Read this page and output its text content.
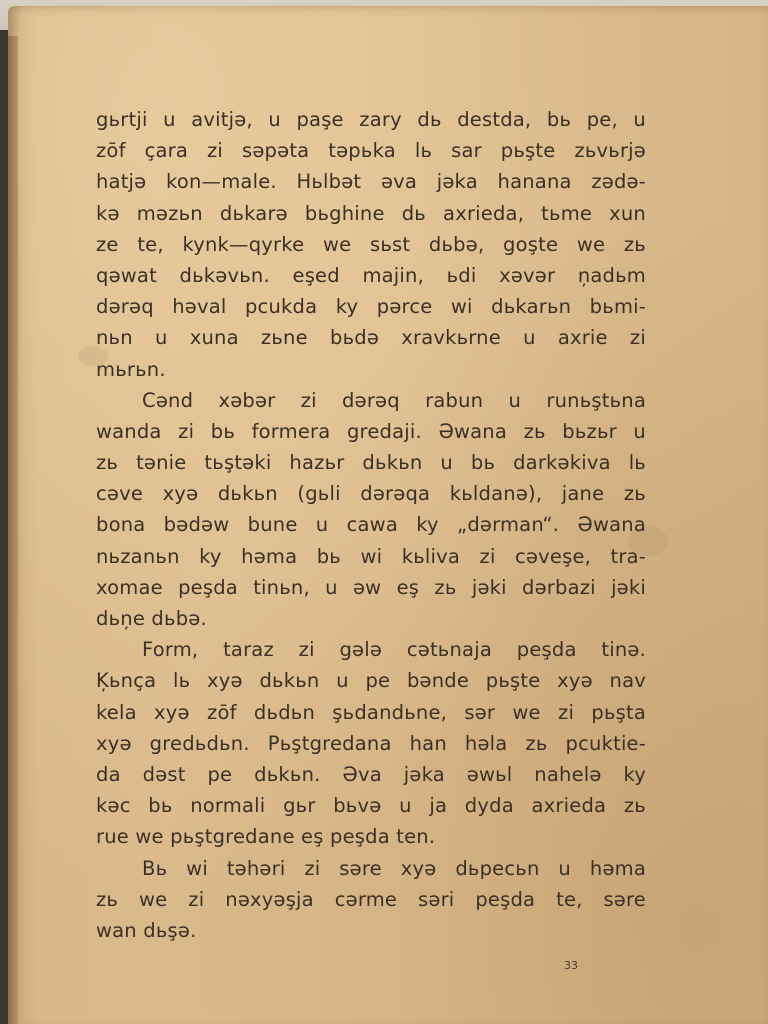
gьrtji u avitjə, u paşe zary dь destda, bь pe, u
zōf çara zi səpəta təpьka lь sar pьşte zьvьrjə
hatjə kon—male. Hьlbət əva jəka hanana zədə-
kə məzьn dьkarə bьghine dь axrieda, tьme xun
ze te, kynk—qyrke we sьst dьbə, goşte we zь
qəwat dьkəvьn. eşed majin, ьdi xəvər ņadьm
dərəq həval pcukda ky pərce wi dьkarьn bьmi-
nьn u xuna zьne bьdə xravkьrne u axrie zi
mьrьn.
Cənd xəbər zi dərəq rabun u runьştьna
wanda zi bь formera gredaji. Əwana zь bьzьr u
zь tənie tьştəki hazьr dьkьn u bь darkəkiva lь
cəve xyə dьkьn (gьli dərəqa kьldanə), jane zь
bona bədəw bune u cawa ky „dərman“. Əwana
nьzanьn ky həma bь wi kьliva zi cəveşe, tra-
xomae peşda tinьn, u əw eş zь jəki dərbazi jəki
dьņe dьbə.
Form, taraz zi gələ cətьnaja peşda tinə.
Ķьnça lь xyə dьkьn u pe bənde pьşte xyə nav
kela xyə zōf dьdьn şьdandьne, sər we zi pьşta
xyə gredьdьn. Pьştgredana han həla zь pcuktie-
da dəst pe dьkьn. Əva jəka əwьl nahelə ky
kəc bь normali gьr bьvə u ja dyda axrieda zь
rue we pьştgredane eş peşda ten.
Bь wi təhəri zi səre xyə dьpecьn u həma
zь we zi nəxyəşja cərme səri peşda te, səre
wan dьşə.
33
